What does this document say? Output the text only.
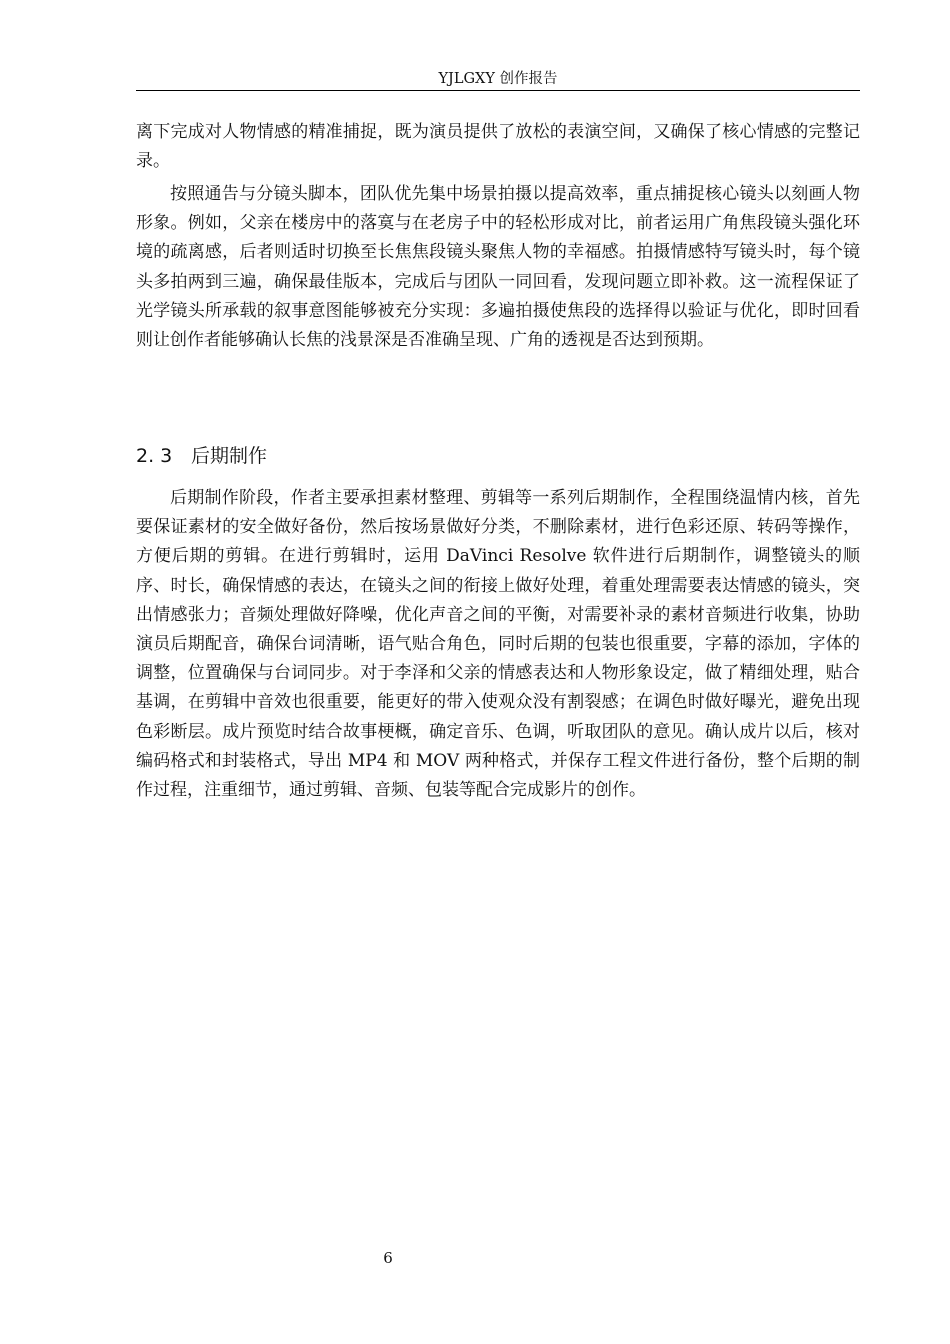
YJLGXY 创作报告

离下完成对人物情感的精准捕捉，既为演员提供了放松的表演空间，又确保了核心情感的完整记录。

按照通告与分镜头脚本，团队优先集中场景拍摄以提高效率，重点捕捉核心镜头以刻画人物形象。例如，父亲在楼房中的落寞与在老房子中的轻松形成对比，前者运用广角焦段镜头强化环境的疏离感，后者则适时切换至长焦焦段镜头聚焦人物的幸福感。拍摄情感特写镜头时，每个镜头多拍两到三遍，确保最佳版本，完成后与团队一同回看，发现问题立即补救。这一流程保证了光学镜头所承载的叙事意图能够被充分实现：多遍拍摄使焦段的选择得以验证与优化，即时回看则让创作者能够确认长焦的浅景深是否准确呈现、广角的透视是否达到预期。

2. 3 后期制作

后期制作阶段，作者主要承担素材整理、剪辑等一系列后期制作，全程围绕温情内核，首先要保证素材的安全做好备份，然后按场景做好分类，不删除素材，进行色彩还原、转码等操作，方便后期的剪辑。在进行剪辑时，运用 DaVinci Resolve 软件进行后期制作，调整镜头的顺序、时长，确保情感的表达，在镜头之间的衔接上做好处理，着重处理需要表达情感的镜头，突出情感张力；音频处理做好降噪，优化声音之间的平衡，对需要补录的素材音频进行收集，协助演员后期配音，确保台词清晰，语气贴合角色，同时后期的包装也很重要，字幕的添加，字体的调整，位置确保与台词同步。对于李泽和父亲的情感表达和人物形象设定，做了精细处理，贴合基调，在剪辑中音效也很重要，能更好的带入使观众没有割裂感；在调色时做好曝光，避免出现色彩断层。成片预览时结合故事梗概，确定音乐、色调，听取团队的意见。确认成片以后，核对编码格式和封装格式，导出 MP4 和 MOV 两种格式，并保存工程文件进行备份，整个后期的制作过程，注重细节，通过剪辑、音频、包装等配合完成影片的创作。

6
